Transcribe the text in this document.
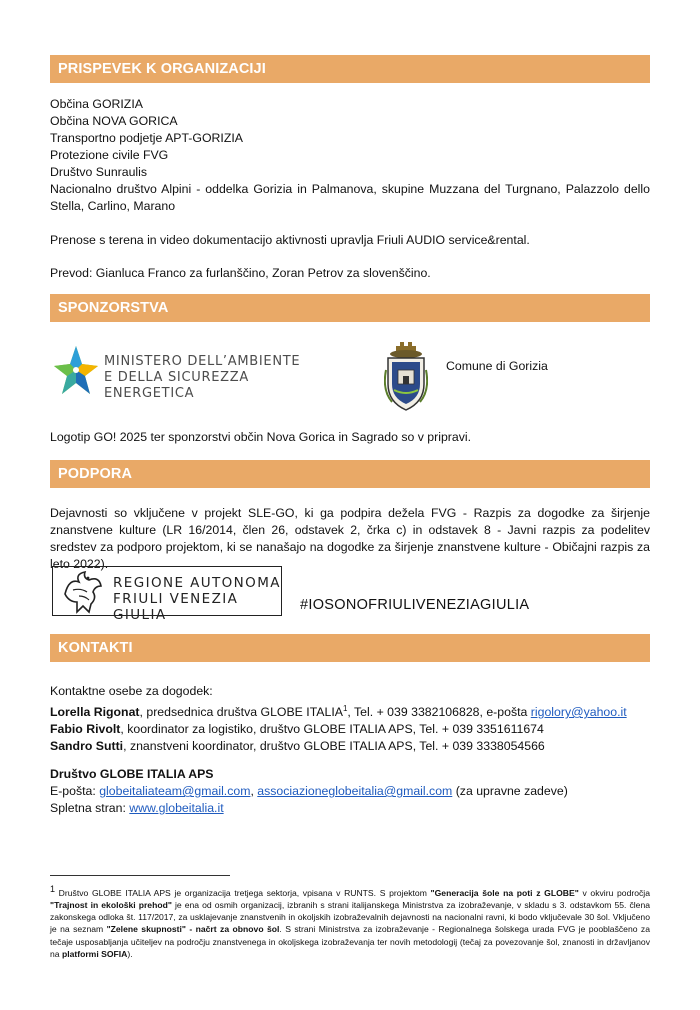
PRISPEVEK K ORGANIZACIJI
Občina GORIZIA
Občina NOVA GORICA
Transportno podjetje APT-GORIZIA
Protezione civile FVG
Društvo Sunraulis
Nacionalno društvo Alpini - oddelka Gorizia in Palmanova, skupine Muzzana del Turgnano, Palazzolo dello Stella, Carlino, Marano
Prenose s terena in video dokumentacijo aktivnosti upravlja Friuli AUDIO service&rental.
Prevod: Gianluca Franco za furlanščino, Zoran Petrov za slovenščino.
SPONZORSTVA
MINISTERO DELL’AMBIENTE
E DELLA SICUREZZA ENERGETICA
Comune di Gorizia
Logotip GO! 2025 ter sponzorstvi občin Nova Gorica in Sagrado so v pripravi.
PODPORA
Dejavnosti so vključene v projekt SLE-GO, ki ga podpira dežela FVG - Razpis za dogodke za širjenje znanstvene kulture (LR 16/2014, člen 26, odstavek 2, črka c) in odstavek 8 - Javni razpis za podelitev sredstev za podporo projektom, ki se nanašajo na dogodke za širjenje znanstvene kulture - Običajni razpis za leto 2022).
REGIONE AUTONOMA
FRIULI VENEZIA GIULIA
#IOSONOFRIULIVENEZIAGIULIA
KONTAKTI
Kontaktne osebe za dogodek:
Lorella Rigonat, predsednica društva GLOBE ITALIA$^1$, Tel. + 039 3382106828, e-pošta rigolory@yahoo.it
Fabio Rivolt, koordinator za logistiko, društvo GLOBE ITALIA APS, Tel. + 039 3351611674
Sandro Sutti, znanstveni koordinator, društvo GLOBE ITALIA APS, Tel. + 039 3338054566
Društvo GLOBE ITALIA APS
E-pošta: globeitaliateam@gmail.com, associazioneglobeitalia@gmail.com (za upravne zadeve)
Spletna stran: www.globeitalia.it
$^1$ Društvo GLOBE ITALIA APS je organizacija tretjega sektorja, vpisana v RUNTS. S projektom "Generacija šole na poti z GLOBE" v okviru področja "Trajnost in ekološki prehod" je ena od osmih organizacij, izbranih s strani italijanskega Ministrstva za izobraževanje, v skladu s 3. odstavkom 55. člena zakonskega odloka št. 117/2017, za usklajevanje znanstvenih in okoljskih izobraževalnih dejavnosti na nacionalni ravni, ki bodo vključevale 30 šol. Vključeno je na seznam "Zelene skupnosti" - načrt za obnovo šol. S strani Ministrstva za izobraževanje - Regionalnega šolskega urada FVG je pooblaščeno za tečaje usposabljanja učiteljev na področju znanstvenega in okoljskega izobraževanja ter novih metodologij (tečaj za povezovanje šol, znanosti in državljanov na platformi SOFIA).
